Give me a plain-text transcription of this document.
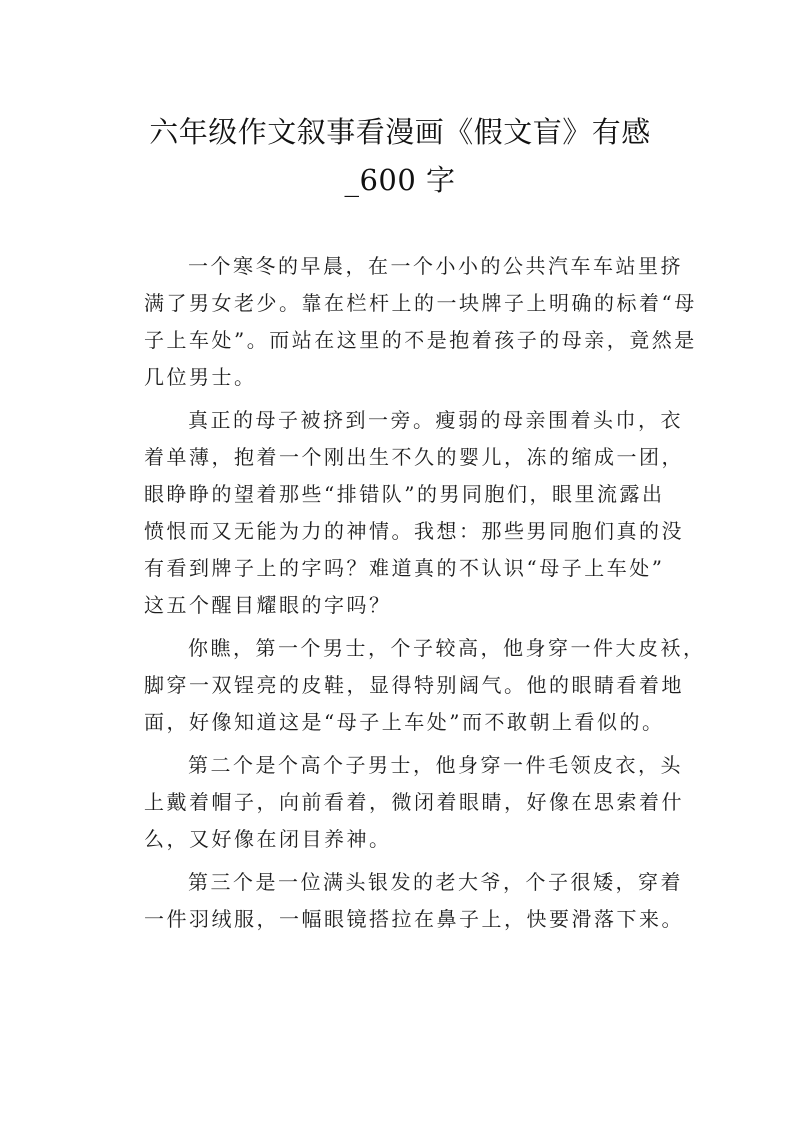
六年级作文叙事看漫画《假文盲》有感
_600 字

一个寒冬的早晨，在一个小小的公共汽车车站里挤
满了男女老少。靠在栏杆上的一块牌子上明确的标着“母
子上车处”。而站在这里的不是抱着孩子的母亲，竟然是
几位男士。

真正的母子被挤到一旁。瘦弱的母亲围着头巾，衣
着单薄，抱着一个刚出生不久的婴儿，冻的缩成一团，
眼睁睁的望着那些“排错队”的男同胞们，眼里流露出
愤恨而又无能为力的神情。我想：那些男同胞们真的没
有看到牌子上的字吗？难道真的不认识“母子上车处”
这五个醒目耀眼的字吗？

你瞧，第一个男士，个子较高，他身穿一件大皮袄，
脚穿一双锃亮的皮鞋，显得特别阔气。他的眼睛看着地
面，好像知道这是“母子上车处”而不敢朝上看似的。

第二个是个高个子男士，他身穿一件毛领皮衣，头
上戴着帽子，向前看着，微闭着眼睛，好像在思索着什
么，又好像在闭目养神。

第三个是一位满头银发的老大爷，个子很矮，穿着
一件羽绒服，一幅眼镜搭拉在鼻子上，快要滑落下来。
